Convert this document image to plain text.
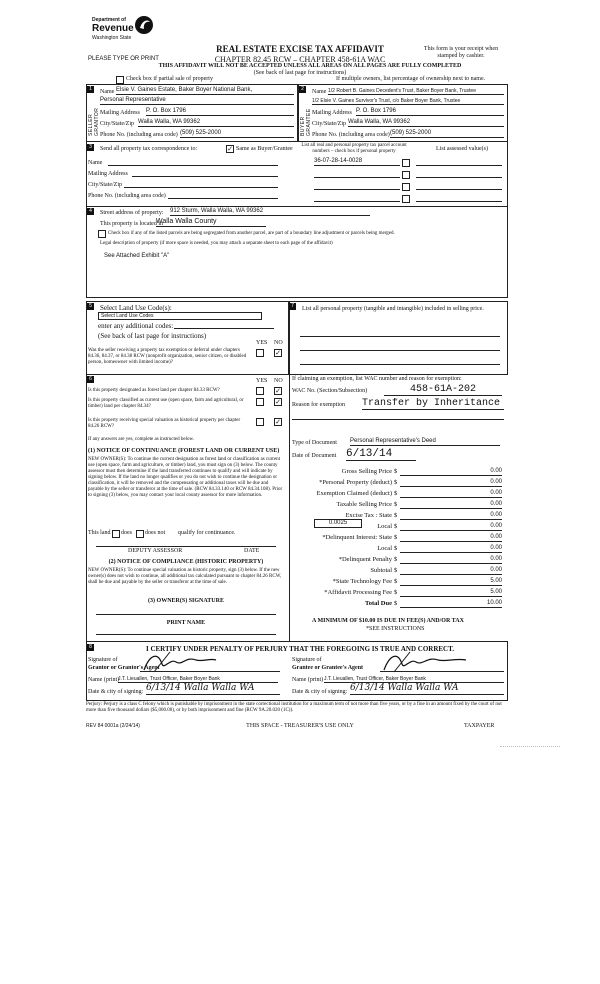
Department of
Revenue
Washington State
PLEASE TYPE OR PRINT
REAL ESTATE EXCISE TAX AFFIDAVIT
CHAPTER 82.45 RCW – CHAPTER 458-61A WAC
This form is your receipt when stamped by cashier.
THIS AFFIDAVIT WILL NOT BE ACCEPTED UNLESS ALL AREAS ON ALL PAGES ARE FULLY COMPLETED
(See back of last page for instructions)
Check box if partial sale of property	If multiple owners, list percentage of ownership next to name.
1
SELLER GRANTOR
Name Elsie V. Gaines Estate, Baker Boyer National Bank,
Personal Representative
Mailing Address P. O. Box 1796
City/State/Zip Walla Walla, WA 99362
Phone No. (including area code) (509) 525-2000
2
BUYER GRANTEE
Name 1/2 Robert B. Gaines Decedent's Trust, Baker Boyer Bank, Trustee
1/2 Elsie V. Gaines Survivor's Trust, c/o Baker Boyer Bank, Trustee
Mailing Address P. O. Box 1796
City/State/Zip Walla Walla, WA 99362
Phone No. (including area code) (509) 525-2000
3	Send all property tax correspondence to:	✓ Same as Buyer/Grantee
Name
Mailing Address
City/State/Zip
Phone No. (including area code)
List all real and personal property tax parcel account numbers – check box if personal property	List assessed value(s)
36-07-28-14-0028
4	Street address of property: 912 Sturm, Walla Walla, WA 99362
This property is located in
Walla Walla County
Check box if any of the listed parcels are being segregated from another parcel, are part of a boundary line adjustment or parcels being merged.
Legal description of property (if more space is needed, you may attach a separate sheet to each page of the affidavit)
See Attached Exhibit "A"
5	Select Land Use Code(s):
Select Land Use Codes
enter any additional codes:
(See back of last page for instructions)
YES NO
Was the seller receiving a property tax exemption or deferral under chapters 84.36, 84.37, or 84.38 RCW (nonprofit organization, senior citizen, or disabled person, homeowner with limited income)?
✓
6	YES NO
Is this property designated as forest land per chapter 84.33 RCW?	✓
Is this property classified as current use (open space, farm and agricultural, or timber) land per chapter 84.34?
✓
Is this property receiving special valuation as historical property per chapter 84.26 RCW?
✓
If any answers are yes, complete as instructed below.
(1) NOTICE OF CONTINUANCE (FOREST LAND OR CURRENT USE)
NEW OWNER(S): To continue the current designation as forest land or classification as current use (open space, farm and agriculture, or timber) land, you must sign on (3) below. The county assessor must then determine if the land transferred continues to qualify and will indicate by signing below. If the land no longer qualifies or you do not wish to continue the designation or classification, it will be removed and the compensating or additional taxes will be due and payable by the seller or transferor at the time of sale. (RCW 84.33.140 or RCW 84.34.108). Prior to signing (3) below, you may contact your local county assessor for more information.
This land does does not qualify for continuance.
DEPUTY ASSESSOR	DATE
(2) NOTICE OF COMPLIANCE (HISTORIC PROPERTY)
NEW OWNER(S): To continue special valuation as historic property, sign (3) below. If the new owner(s) does not wish to continue, all additional tax calculated pursuant to chapter 84.26 RCW, shall be due and payable by the seller or transferor at the time of sale.
(3) OWNER(S) SIGNATURE
PRINT NAME
7	List all personal property (tangible and intangible) included in selling price.
If claiming an exemption, list WAC number and reason for exemption:
WAC No. (Section/Subsection)	458-61A-202
Reason for exemption Transfer by Inheritance
Type of Document Personal Representative's Deed
Date of Document 6/13/14
Gross Selling Price $	0.00
*Personal Property (deduct) $	0.00
Exemption Claimed (deduct) $	0.00
Taxable Selling Price $	0.00
Excise Tax : State $	0.00
Local $	0.00
*Delinquent Interest: State $	0.00
Local $	0.00
*Delinquent Penalty $	0.00
Subtotal $	0.00
*State Technology Fee $	5.00
*Affidavit Processing Fee $	5.00
Total Due $	10.00
0.0025
A MINIMUM OF $10.00 IS DUE IN FEE(S) AND/OR TAX
*SEE INSTRUCTIONS
8	I CERTIFY UNDER PENALTY OF PERJURY THAT THE FOREGOING IS TRUE AND CORRECT.
Signature of
Grantor or Grantor's Agent
Name (print)
J.T. Lieuallen, Trust Officer, Baker Boyer Bank
Date & city of signing: 6/13/14 Walla Walla WA
Signature of
Grantee or Grantee's Agent
Name (print) J.T. Lieuallen, Trust Officer, Baker Boyer Bank
Date & city of signing: 6/13/14 Walla Walla WA
Perjury: Perjury is a class C felony which is punishable by imprisonment in the state correctional institution for a maximum term of not more than five years, or by a fine in an amount fixed by the court of not more than five thousand dollars ($5,000.00), or by both imprisonment and fine (RCW 9A.20.020 (1C)).
REV 84 0001a (2/24/14)	THIS SPACE - TREASURER'S USE ONLY	TAXPAYER
